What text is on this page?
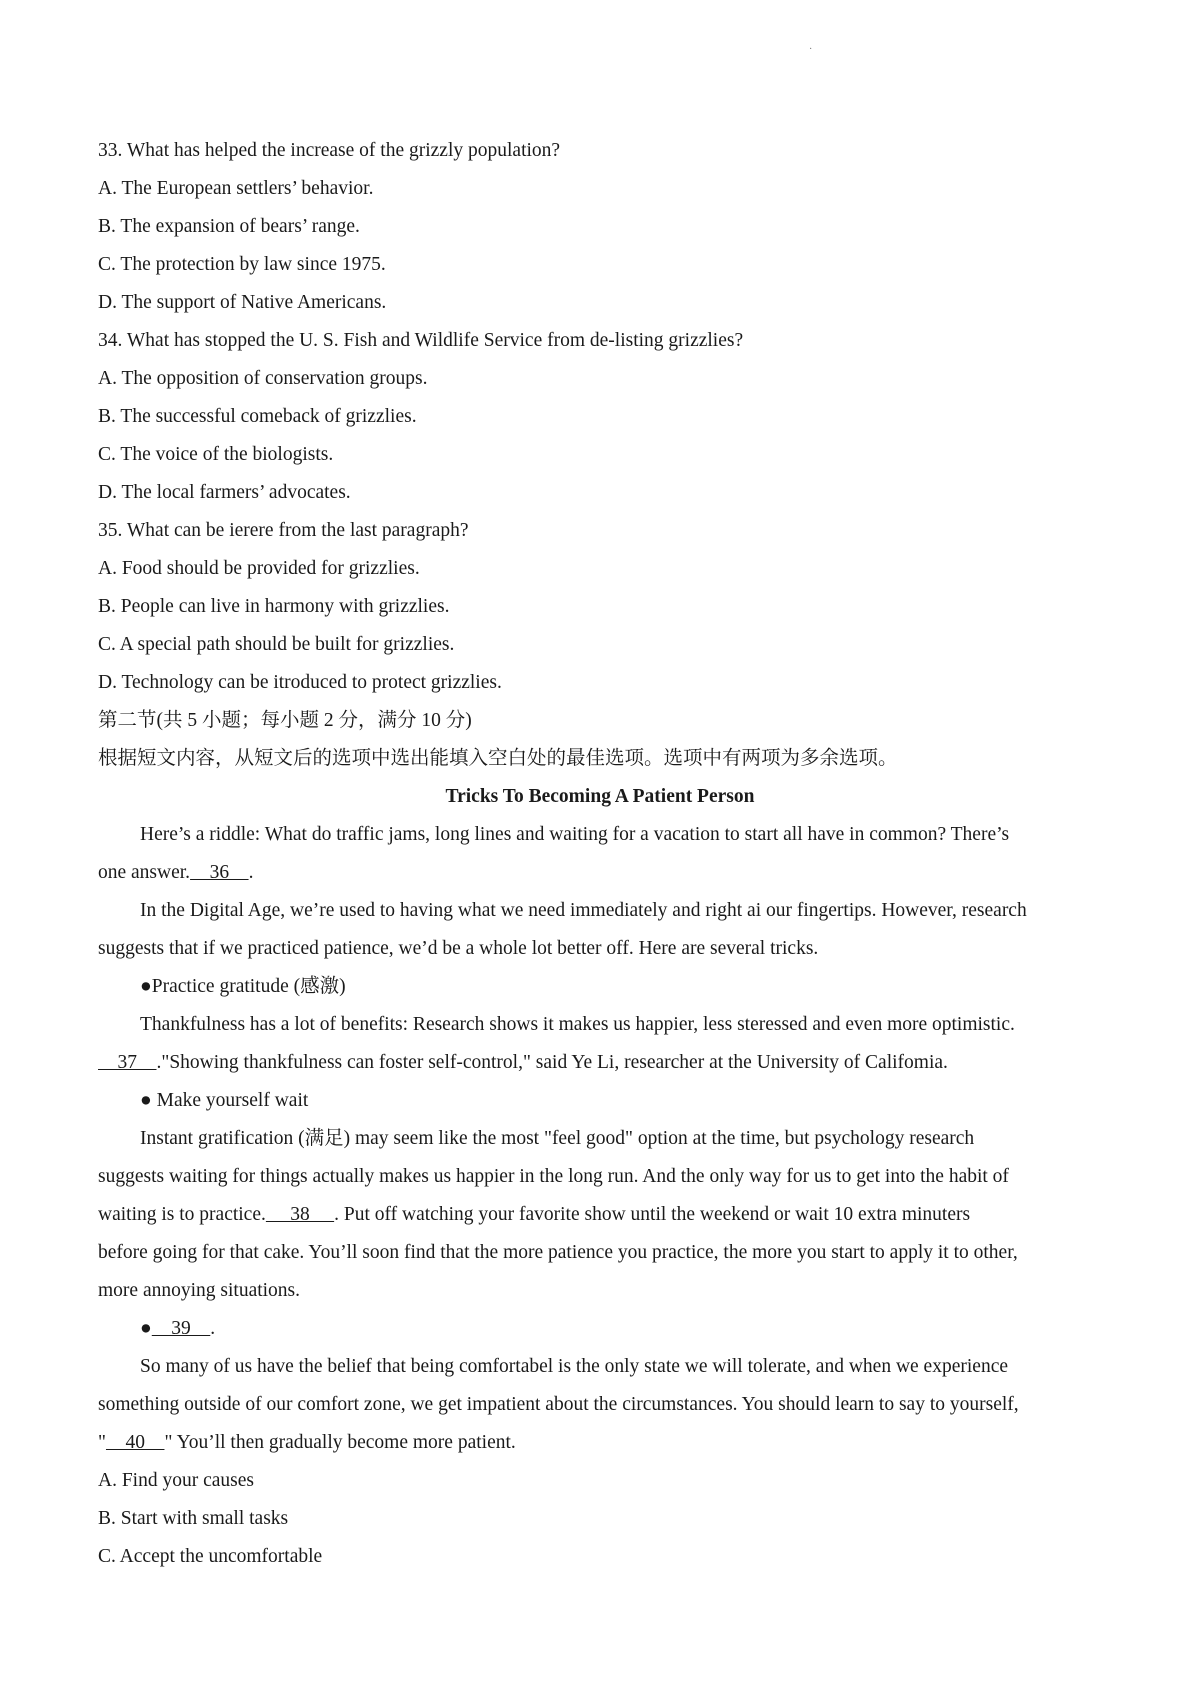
·
33. What has helped the increase of the grizzly population?
A. The European settlers’ behavior.
B. The expansion of bears’ range.
C. The protection by law since 1975.
D. The support of Native Americans.
34. What has stopped the U. S. Fish and Wildlife Service from de-listing grizzlies?
A. The opposition of conservation groups.
B. The successful comeback of grizzlies.
C. The voice of the biologists.
D. The local farmers’ advocates.
35. What can be ierere from the last paragraph?
A. Food should be provided for grizzlies.
B. People can live in harmony with grizzlies.
C. A special path should be built for grizzlies.
D. Technology can be itroduced to protect grizzlies.
第二节(共 5 小题；每小题 2 分，满分 10 分)
根据短文内容，从短文后的选项中选出能填入空白处的最佳选项。选项中有两项为多余选项。
Tricks To Becoming A Patient Person
Here’s a riddle: What do traffic jams, long lines and waiting for a vacation to start all have in common? There’s
one answer.    36    .
In the Digital Age, we’re used to having what we need immediately and right ai our fingertips. However, research
suggests that if we practiced patience, we’d be a whole lot better off. Here are several tricks.
●Practice gratitude (感激)
Thankfulness has a lot of benefits: Research shows it makes us happier, less steressed and even more optimistic.
37    ."Showing thankfulness can foster self-control," said Ye Li, researcher at the University of Califomia.
● Make yourself wait
Instant gratification (满足) may seem like the most "feel good" option at the time, but psychology research
suggests waiting for things actually makes us happier in the long run. And the only way for us to get into the habit of
waiting is to practice.     38     . Put off watching your favorite show until the weekend or wait 10 extra minuters
before going for that cake. You’ll soon find that the more patience you practice, the more you start to apply it to other,
more annoying situations.
●    39    .
So many of us have the belief that being comfortabel is the only state we will tolerate, and when we experience
something outside of our comfort zone, we get impatient about the circumstances. You should learn to say to yourself,
"    40    " You’ll then gradually become more patient.
A. Find your causes
B. Start with small tasks
C. Accept the uncomfortable
